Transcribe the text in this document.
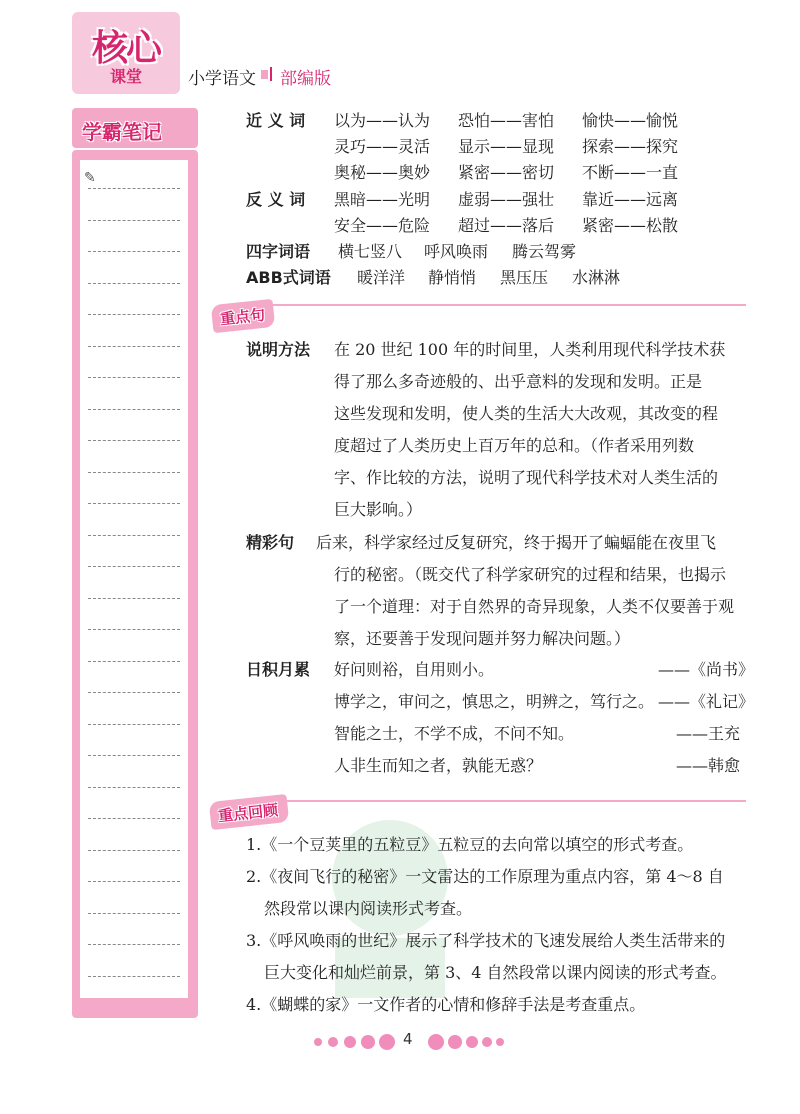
核心
课堂	小学语文 部编版
学霸笔记
✎
近 义 词 以为——认为 恐怕——害怕 愉快——愉悦
灵巧——灵活 显示——显现 探索——探究
奥秘——奥妙 紧密——密切 不断——一直
反 义 词 黑暗——光明 虚弱——强壮 靠近——远离
安全——危险 超过——落后 紧密——松散
四字词语 横七竖八 呼风唤雨 腾云驾雾
ABB式词语 暖洋洋 静悄悄 黑压压 水淋淋
重点句
说明方法 在 20 世纪 100 年的时间里，人类利用现代科学技术获
得了那么多奇迹般的、出乎意料的发现和发明。正是
这些发现和发明，使人类的生活大大改观，其改变的程
度超过了人类历史上百万年的总和。（作者采用列数
字、作比较的方法，说明了现代科学技术对人类生活的
巨大影响。）
精彩句 后来，科学家经过反复研究，终于揭开了蝙蝠能在夜里飞
行的秘密。（既交代了科学家研究的过程和结果，也揭示
了一个道理：对于自然界的奇异现象，人类不仅要善于观
察，还要善于发现问题并努力解决问题。）
日积月累 好问则裕，自用则小。	——《尚书》
博学之，审问之，慎思之，明辨之，笃行之。 ——《礼记》
智能之士，不学不成，不问不知。	——王充
人非生而知之者，孰能无惑？	——韩愈
重点回顾
1.《一个豆荚里的五粒豆》五粒豆的去向常以填空的形式考查。
2.《夜间飞行的秘密》一文雷达的工作原理为重点内容，第 4～8 自
然段常以课内阅读形式考查。
3.《呼风唤雨的世纪》展示了科学技术的飞速发展给人类生活带来的
巨大变化和灿烂前景，第 3、4 自然段常以课内阅读的形式考查。
4.《蝴蝶的家》一文作者的心情和修辞手法是考查重点。
4
